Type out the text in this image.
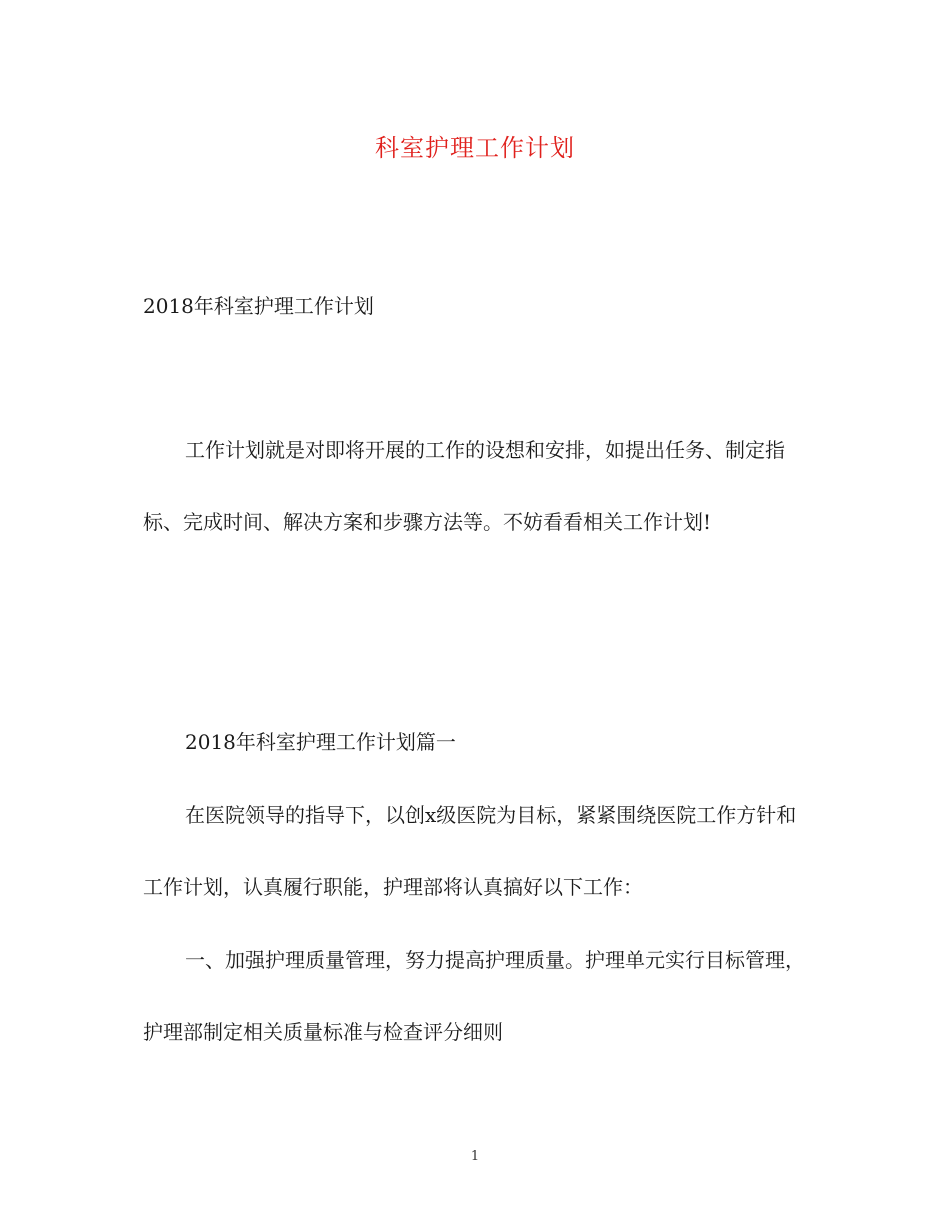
科室护理工作计划

2018年科室护理工作计划

工作计划就是对即将开展的工作的设想和安排，如提出任务、制定指标、完成时间、解决方案和步骤方法等。不妨看看相关工作计划!

2018年科室护理工作计划篇一

在医院领导的指导下，以创x级医院为目标，紧紧围绕医院工作方针和工作计划，认真履行职能，护理部将认真搞好以下工作：

一、加强护理质量管理，努力提高护理质量。护理单元实行目标管理，护理部制定相关质量标准与检查评分细则

1
